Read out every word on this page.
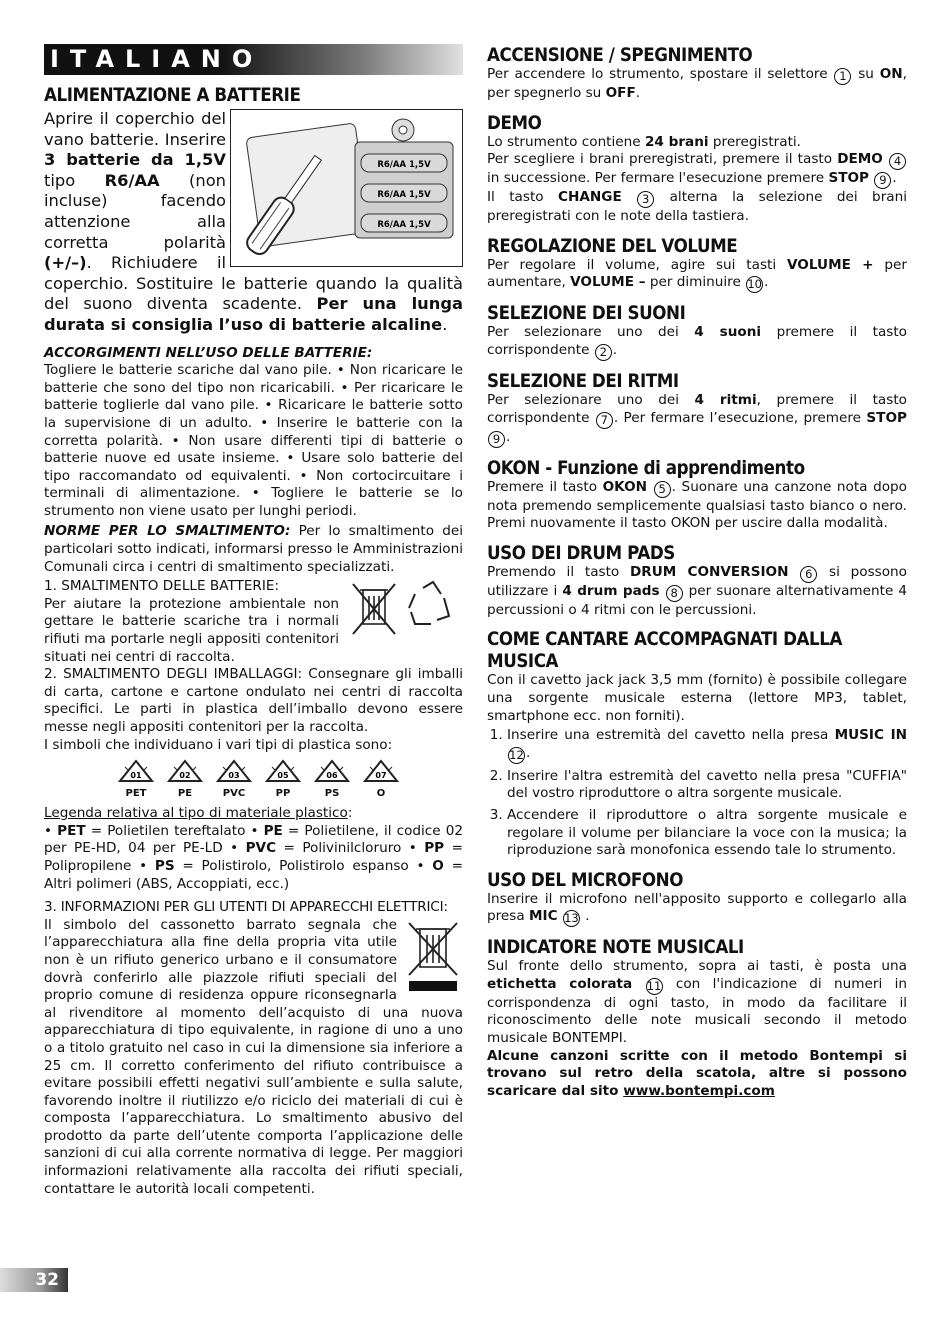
ITALIANO
ALIMENTAZIONE A BATTERIE
R6/AA 1,5V
R6/AA 1,5V
R6/AA 1,5V
Aprire il coperchio del vano batterie. Inserire 3 batterie da 1,5V tipo R6/AA (non incluse) facendo attenzione alla corretta polarità (+/–). Richiudere il coperchio. Sostituire le batterie quando la qualità del suono diventa scadente. Per una lunga durata si consiglia l’uso di batterie alcaline.
ACCORGIMENTI NELL’USO DELLE BATTERIE:
Togliere le batterie scariche dal vano pile. • Non ricaricare le batterie che sono del tipo non ricaricabili. • Per ricaricare le batterie toglierle dal vano pile. • Ricaricare le batterie sotto la supervisione di un adulto. • Inserire le batterie con la corretta polarità. • Non usare differenti tipi di batterie o batterie nuove ed usate insieme. • Usare solo batterie del tipo raccomandato od equivalenti. • Non cortocircuitare i terminali di alimentazione. • Togliere le batterie se lo strumento non viene usato per lunghi periodi.
NORME PER LO SMALTIMENTO: Per lo smaltimento dei particolari sotto indicati, informarsi presso le Amministrazioni Comunali circa i centri di smaltimento specializzati.
1. SMALTIMENTO DELLE BATTERIE:
Per aiutare la protezione ambientale non gettare le batterie scariche tra i normali rifiuti ma portarle negli appositi contenitori situati nei centri di raccolta.
2. SMALTIMENTO DEGLI IMBALLAGGI: Consegnare gli imballi di carta, cartone e cartone ondulato nei centri di raccolta specifici. Le parti in plastica dell’imballo devono essere messe negli appositi contenitori per la raccolta.
I simboli che individuano i vari tipi di plastica sono:
01
PET
02
PE
03
PVC
05
PP
06
PS
07
O
Legenda relativa al tipo di materiale plastico:
• PET = Polietilen tereftalato • PE = Polietilene, il codice 02 per PE-HD, 04 per PE-LD • PVC = Polivinilcloruro • PP = Polipropilene • PS = Polistirolo, Polistirolo espanso • O = Altri polimeri (ABS, Accoppiati, ecc.)
3. INFORMAZIONI PER GLI UTENTI DI APPARECCHI ELETTRICI:
Il simbolo del cassonetto barrato segnala che l’apparecchiatura alla fine della propria vita utile non è un rifiuto generico urbano e il consumatore dovrà conferirlo alle piazzole rifiuti speciali del proprio comune di residenza oppure riconsegnarla al rivenditore al momento dell’acquisto di una nuova apparecchiatura di tipo equivalente, in ragione di uno a uno o a titolo gratuito nel caso in cui la dimensione sia inferiore a 25 cm. Il corretto conferimento del rifiuto contribuisce a evitare possibili effetti negativi sull’ambiente e sulla salute, favorendo inoltre il riutilizzo e/o riciclo dei materiali di cui è composta l’apparecchiatura. Lo smaltimento abusivo del prodotto da parte dell’utente comporta l’applicazione delle sanzioni di cui alla corrente normativa di legge. Per maggiori informazioni relativamente alla raccolta dei rifiuti speciali, contattare le autorità locali competenti.
ACCENSIONE / SPEGNIMENTO
Per accendere lo strumento, spostare il selettore 1 su ON, per spegnerlo su OFF.
DEMO
Lo strumento contiene 24 brani preregistrati.
Per scegliere i brani preregistrati, premere il tasto DEMO 4 in successione. Per fermare l'esecuzione premere STOP 9 .
Il tasto CHANGE 3 alterna la selezione dei brani preregistrati con le note della tastiera.
REGOLAZIONE DEL VOLUME
Per regolare il volume, agire sui tasti VOLUME + per aumentare, VOLUME – per diminuire 10 .
SELEZIONE DEI SUONI
Per selezionare uno dei 4 suoni premere il tasto corrispondente 2 .
SELEZIONE DEI RITMI
Per selezionare uno dei 4 ritmi, premere il tasto corrispondente 7 . Per fermare l’esecuzione, premere STOP 9 .
OKON - Funzione di apprendimento
Premere il tasto OKON 5 . Suonare una canzone nota dopo nota premendo semplicemente qualsiasi tasto bianco o nero. Premi nuovamente il tasto OKON per uscire dalla modalità.
USO DEI DRUM PADS
Premendo il tasto DRUM CONVERSION 6 si possono utilizzare i 4 drum pads 8 per suonare alternativamente 4 percussioni o 4 ritmi con le percussioni.
COME CANTARE ACCOMPAGNATI DALLA MUSICA
Con il cavetto jack jack 3,5 mm (fornito) è possibile collegare una sorgente musicale esterna (lettore MP3, tablet, smartphone ecc. non forniti).
1. Inserire una estremità del cavetto nella presa MUSIC IN 12 .
2. Inserire l'altra estremità del cavetto nella presa "CUFFIA" del vostro riproduttore o altra sorgente musicale.
3. Accendere il riproduttore o altra sorgente musicale e regolare il volume per bilanciare la voce con la musica; la riproduzione sarà monofonica essendo tale lo strumento.
USO DEL MICROFONO
Inserire il microfono nell'apposito supporto e collegarlo alla presa MIC 13 .
INDICATORE NOTE MUSICALI
Sul fronte dello strumento, sopra ai tasti, è posta una etichetta colorata 11 con l'indicazione di numeri in corrispondenza di ogni tasto, in modo da facilitare il riconoscimento delle note musicali secondo il metodo musicale BONTEMPI.
Alcune canzoni scritte con il metodo Bontempi si trovano sul retro della scatola, altre si possono scaricare dal sito www.bontempi.com
32
